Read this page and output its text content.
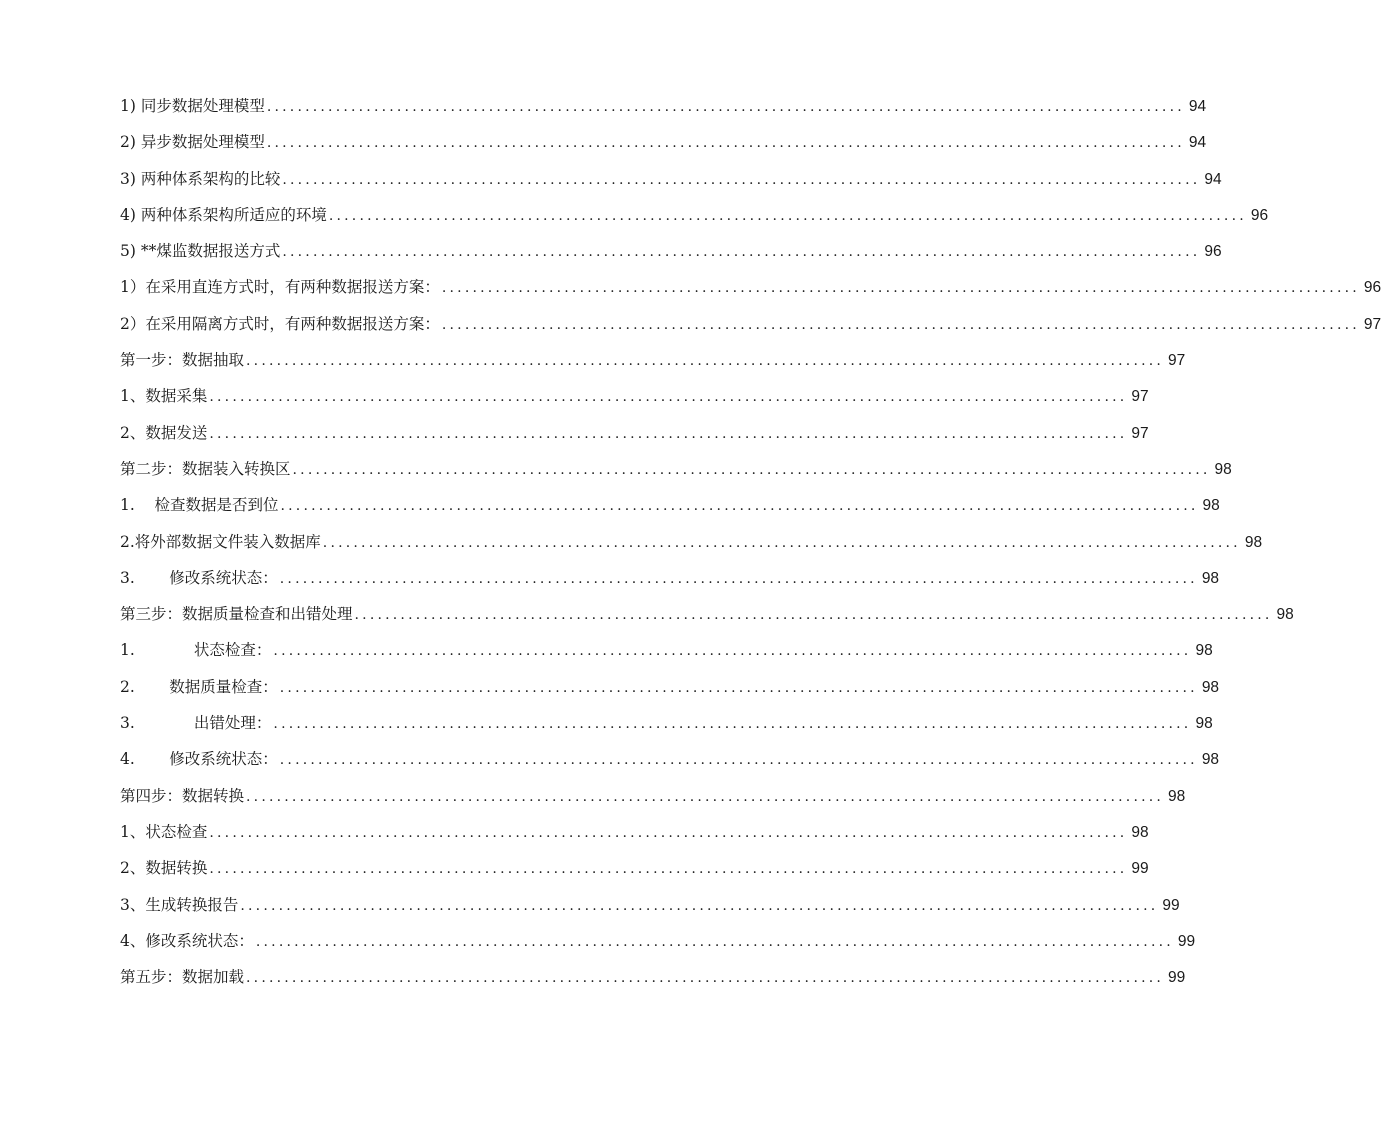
1) 同步数据处理模型 ........................................................................................................................ 94
2) 异步数据处理模型 ........................................................................................................................ 94
3) 两种体系架构的比较 ........................................................................................................................ 94
4) 两种体系架构所适应的环境 ........................................................................................................................ 96
5) **煤监数据报送方式 ........................................................................................................................ 96
1）在采用直连方式时，有两种数据报送方案： ........................................................................................................................ 96
2）在采用隔离方式时，有两种数据报送方案： ........................................................................................................................ 97
第一步：数据抽取 ........................................................................................................................ 97
1、数据采集 ........................................................................................................................ 97
2、数据发送 ........................................................................................................................ 97
第二步：数据装入转换区 ........................................................................................................................ 98
1.    检查数据是否到位 ........................................................................................................................ 98
2.将外部数据文件装入数据库 ........................................................................................................................ 98
3.       修改系统状态： ........................................................................................................................ 98
第三步：数据质量检查和出错处理 ........................................................................................................................ 98
1.            状态检查： ........................................................................................................................ 98
2.       数据质量检查： ........................................................................................................................ 98
3.            出错处理： ........................................................................................................................ 98
4.       修改系统状态： ........................................................................................................................ 98
第四步：数据转换 ........................................................................................................................ 98
1、状态检查 ........................................................................................................................ 98
2、数据转换 ........................................................................................................................ 99
3、生成转换报告 ........................................................................................................................ 99
4、修改系统状态： ........................................................................................................................ 99
第五步：数据加载 ........................................................................................................................ 99
